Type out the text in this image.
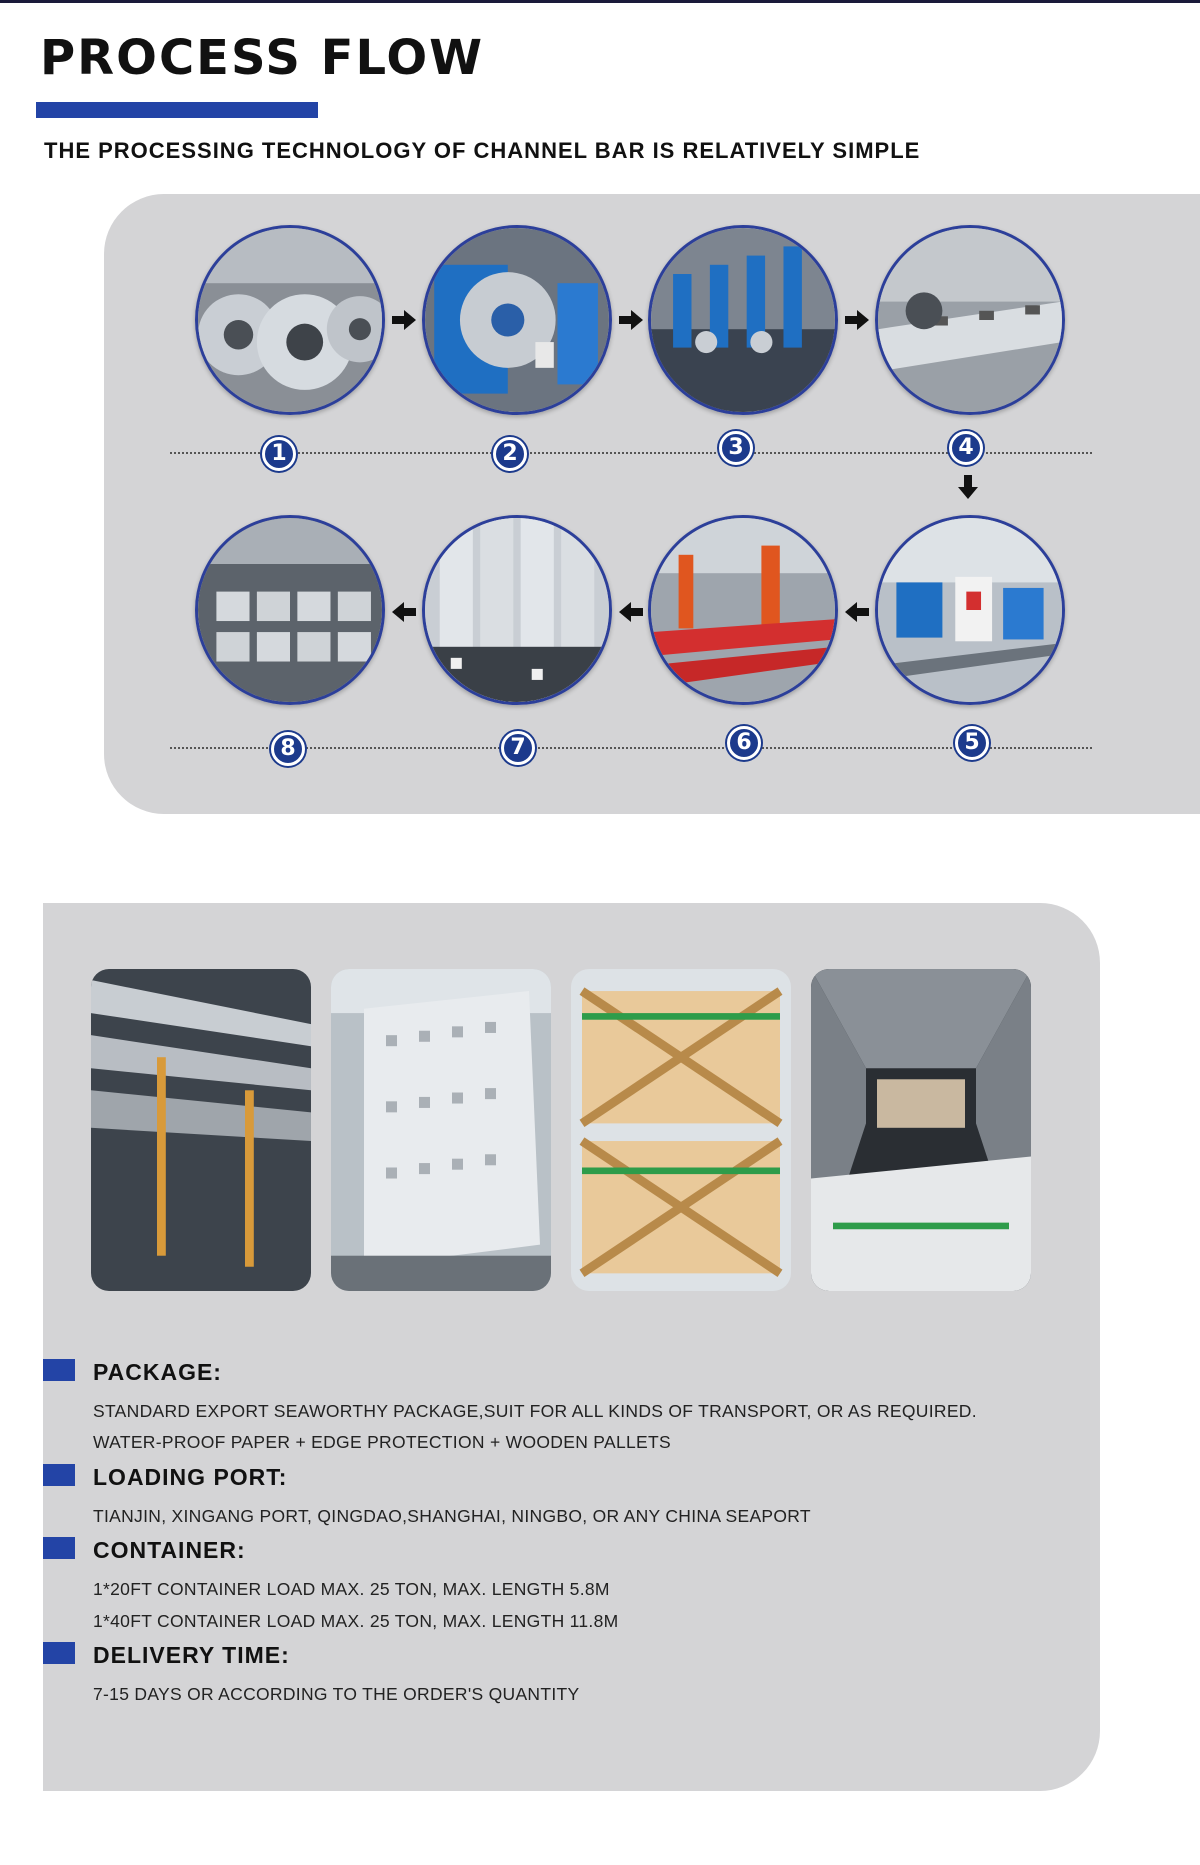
PROCESS FLOW
THE PROCESSING TECHNOLOGY OF CHANNEL BAR IS RELATIVELY SIMPLE
1	2	3	4
5
6
7
8
PACKAGE:
STANDARD EXPORT SEAWORTHY PACKAGE,SUIT FOR ALL KINDS OF TRANSPORT, OR AS REQUIRED.
WATER-PROOF PAPER + EDGE PROTECTION + WOODEN PALLETS
LOADING PORT:
TIANJIN, XINGANG PORT, QINGDAO,SHANGHAI, NINGBO, OR ANY CHINA SEAPORT
CONTAINER:
1*20FT CONTAINER LOAD MAX. 25 TON, MAX. LENGTH 5.8M
1*40FT CONTAINER LOAD MAX. 25 TON, MAX. LENGTH 11.8M
DELIVERY TIME:
7-15 DAYS OR ACCORDING TO THE ORDER'S QUANTITY
